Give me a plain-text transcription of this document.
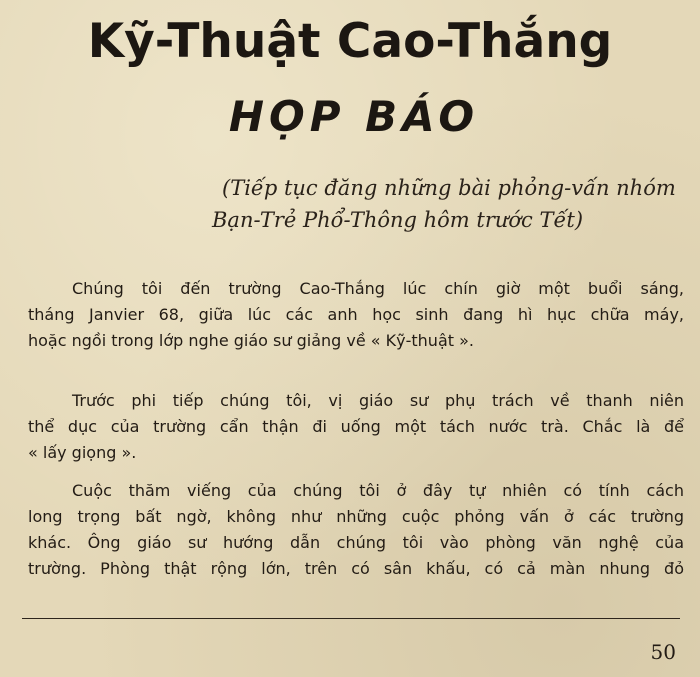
Kỹ-Thuật Cao-Thắng
HỌP BÁO
(Tiếp tục đăng những bài phỏng-vấn nhóm
Bạn-Trẻ Phổ-Thông hôm trước Tết)
Chúng tôi đến trường Cao-Thắng lúc chín giờ một buổi sáng,
tháng Janvier 68, giữa lúc các anh học sinh đang hì hục chữa máy,
hoặc ngồi trong lớp nghe giáo sư giảng về « Kỹ-thuật ».
Trước phi tiếp chúng tôi, vị giáo sư phụ trách về thanh niên
thể dục của trường cẩn thận đi uống một tách nước trà. Chắc là để
« lấy giọng ».
Cuộc thăm viếng của chúng tôi ở đây tự nhiên có tính cách
long trọng bất ngờ, không như những cuộc phỏng vấn ở các trường
khác. Ông giáo sư hướng dẫn chúng tôi vào phòng văn nghệ của
trường. Phòng thật rộng lớn, trên có sân khấu, có cả màn nhung đỏ
50
